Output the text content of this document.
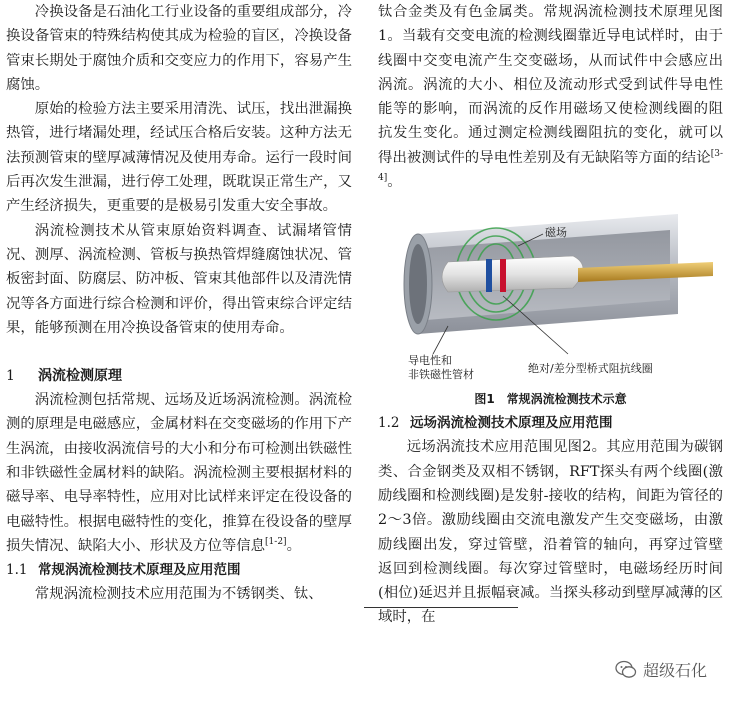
冷换设备是石油化工行业设备的重要组成部分，冷换设备管束的特殊结构使其成为检验的盲区，冷换设备管束长期处于腐蚀介质和交变应力的作用下，容易产生腐蚀。

原始的检验方法主要采用清洗、试压，找出泄漏换热管，进行堵漏处理，经试压合格后安装。这种方法无法预测管束的壁厚减薄情况及使用寿命。运行一段时间后再次发生泄漏，进行停工处理，既耽误正常生产，又产生经济损失，更重要的是极易引发重大安全事故。

涡流检测技术从管束原始资料调查、试漏堵管情况、测厚、涡流检测、管板与换热管焊缝腐蚀状况、管板密封面、防腐层、防冲板、管束其他部件以及清洗情况等各方面进行综合检测和评价，得出管束综合评定结果，能够预测在用冷换设备管束的使用寿命。

1 涡流检测原理

涡流检测包括常规、远场及近场涡流检测。涡流检测的原理是电磁感应，金属材料在交变磁场的作用下产生涡流，由接收涡流信号的大小和分布可检测出铁磁性和非铁磁性金属材料的缺陷。涡流检测主要根据材料的磁导率、电导率特性，应用对比试样来评定在役设备的电磁特性。根据电磁特性的变化，推算在役设备的壁厚损失情况、缺陷大小、形状及方位等信息[1-2]。

1.1 常规涡流检测技术原理及应用范围

常规涡流检测技术应用范围为不锈钢类、钛、

钛合金类及有色金属类。常规涡流检测技术原理见图1。当载有交变电流的检测线圈靠近导电试样时，由于线圈中交变电流产生交变磁场，从而试件中会感应出涡流。涡流的大小、相位及流动形式受到试件导电性能等的影响，而涡流的反作用磁场又使检测线圈的阻抗发生变化。通过测定检测线圈阻抗的变化，就可以得出被测试件的导电性差别及有无缺陷等方面的结论[3-4]。

磁场
导电性和
非铁磁性管材	绝对/差分型桥式阻抗线圈
图1　常规涡流检测技术示意

1.2 远场涡流检测技术原理及应用范围

远场涡流技术应用范围见图2。其应用范围为碳钢类、合金钢类及双相不锈钢，RFT探头有两个线圈(激励线圈和检测线圈)是发射-接收的结构，间距为管径的2～3倍。激励线圈由交流电激发产生交变磁场，由激励线圈出发，穿过管壁，沿着管的轴向，再穿过管壁返回到检测线圈。每次穿过管壁时，电磁场经历时间(相位)延迟并且振幅衰减。当探头移动到壁厚减薄的区域时，在

超级石化
